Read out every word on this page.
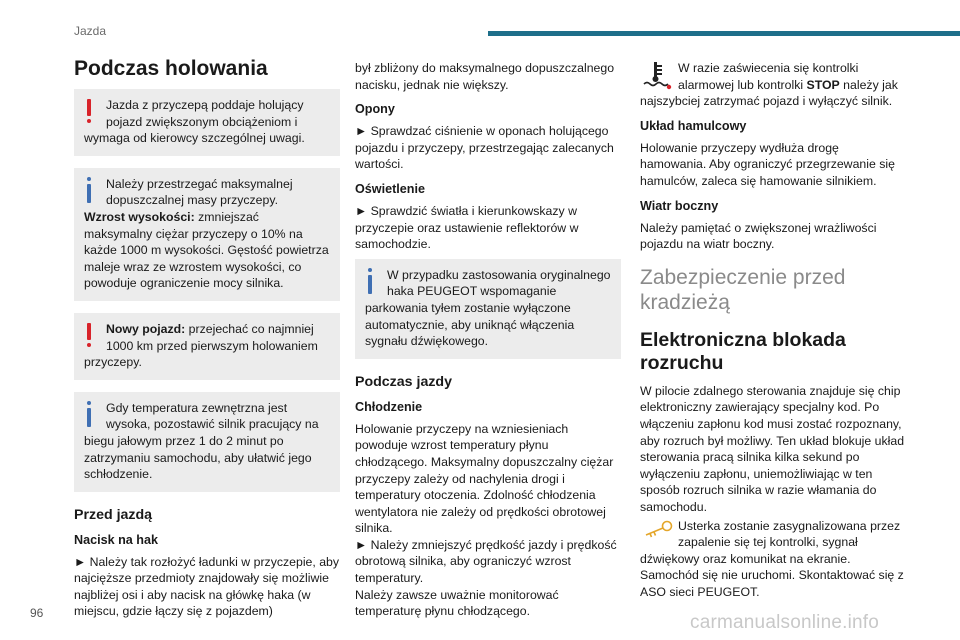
Jazda
Podczas holowania

Jazda z przyczepą poddaje holujący pojazd zwiększonym obciążeniom i wymaga od kierowcy szczególnej uwagi.

Należy przestrzegać maksymalnej dopuszczalnej masy przyczepy.
Wzrost wysokości: zmniejszać maksymalny ciężar przyczepy o 10% na każde 1000 m wysokości. Gęstość powietrza maleje wraz ze wzrostem wysokości, co powoduje ograniczenie mocy silnika.

Nowy pojazd: przejechać co najmniej 1000 km przed pierwszym holowaniem przyczepy.

Gdy temperatura zewnętrzna jest wysoka, pozostawić silnik pracujący na biegu jałowym przez 1 do 2 minut po zatrzymaniu samochodu, aby ułatwić jego schłodzenie.

Przed jazdą
Nacisk na hak

► Należy tak rozłożyć ładunki w przyczepie, aby najcięższe przedmioty znajdowały się możliwie najbliżej osi i aby nacisk na główkę haka (w miejscu, gdzie łączy się z pojazdem)

był zbliżony do maksymalnego dopuszczalnego nacisku, jednak nie większy.

Opony

► Sprawdzać ciśnienie w oponach holującego pojazdu i przyczepy, przestrzegając zalecanych wartości.

Oświetlenie

► Sprawdzić światła i kierunkowskazy w przyczepie oraz ustawienie reflektorów w samochodzie.

W przypadku zastosowania oryginalnego haka PEUGEOT wspomaganie parkowania tyłem zostanie wyłączone automatycznie, aby uniknąć włączenia sygnału dźwiękowego.

Podczas jazdy
Chłodzenie

Holowanie przyczepy na wzniesieniach powoduje wzrost temperatury płynu chłodzącego. Maksymalny dopuszczalny ciężar przyczepy zależy od nachylenia drogi i temperatury otoczenia. Zdolność chłodzenia wentylatora nie zależy od prędkości obrotowej silnika.
► Należy zmniejszyć prędkość jazdy i prędkość obrotową silnika, aby ograniczyć wzrost temperatury.
Należy zawsze uważnie monitorować temperaturę płynu chłodzącego.

W razie zaświecenia się kontrolki alarmowej lub kontrolki STOP należy jak najszybciej zatrzymać pojazd i wyłączyć silnik.

Układ hamulcowy

Holowanie przyczepy wydłuża drogę hamowania. Aby ograniczyć przegrzewanie się hamulców, zaleca się hamowanie silnikiem.

Wiatr boczny

Należy pamiętać o zwiększonej wrażliwości pojazdu na wiatr boczny.

Zabezpieczenie przed kradzieżą
Elektroniczna blokada rozruchu

W pilocie zdalnego sterowania znajduje się chip elektroniczny zawierający specjalny kod. Po włączeniu zapłonu kod musi zostać rozpoznany, aby rozruch był możliwy. Ten układ blokuje układ sterowania pracą silnika kilka sekund po wyłączeniu zapłonu, uniemożliwiając w ten sposób rozruch silnika w razie włamania do samochodu.

Usterka zostanie zasygnalizowana przez zapalenie się tej kontrolki, sygnał dźwiękowy oraz komunikat na ekranie. Samochód się nie uruchomi. Skontaktować się z ASO sieci PEUGEOT.

96	carmanualsonline.info
